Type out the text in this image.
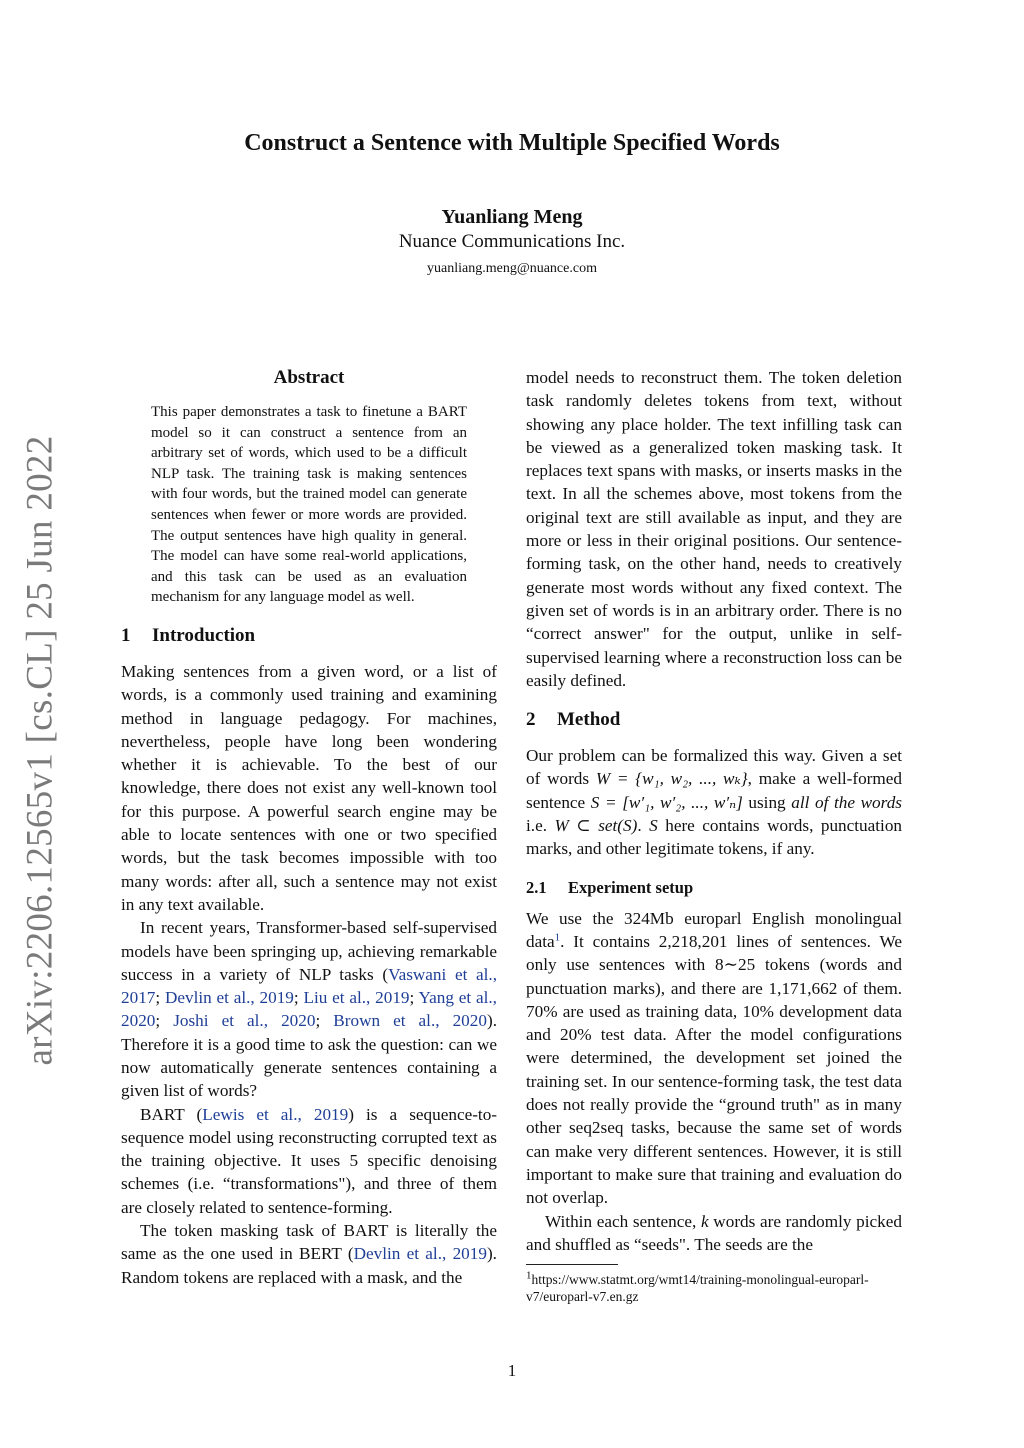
arXiv:2206.12565v1 [cs.CL] 25 Jun 2022
Construct a Sentence with Multiple Specified Words
Yuanliang Meng
Nuance Communications Inc.
yuanliang.meng@nuance.com
Abstract

This paper demonstrates a task to finetune a BART model so it can construct a sentence from an arbitrary set of words, which used to be a difficult NLP task. The training task is making sentences with four words, but the trained model can generate sentences when fewer or more words are provided. The output sentences have high quality in general. The model can have some real-world applications, and this task can be used as an evaluation mechanism for any language model as well.

1 Introduction

Making sentences from a given word, or a list of words, is a commonly used training and examining method in language pedagogy. For machines, nevertheless, people have long been wondering whether it is achievable. To the best of our knowledge, there does not exist any well-known tool for this purpose. A powerful search engine may be able to locate sentences with one or two specified words, but the task becomes impossible with too many words: after all, such a sentence may not exist in any text available.

In recent years, Transformer-based self-supervised models have been springing up, achieving remarkable success in a variety of NLP tasks (Vaswani et al., 2017; Devlin et al., 2019; Liu et al., 2019; Yang et al., 2020; Joshi et al., 2020; Brown et al., 2020). Therefore it is a good time to ask the question: can we now automatically generate sentences containing a given list of words?

BART (Lewis et al., 2019) is a sequence-to-sequence model using reconstructing corrupted text as the training objective. It uses 5 specific denoising schemes (i.e. “transformations"), and three of them are closely related to sentence-forming.

The token masking task of BART is literally the same as the one used in BERT (Devlin et al., 2019). Random tokens are replaced with a mask, and the

model needs to reconstruct them. The token deletion task randomly deletes tokens from text, without showing any place holder. The text infilling task can be viewed as a generalized token masking task. It replaces text spans with masks, or inserts masks in the text. In all the schemes above, most tokens from the original text are still available as input, and they are more or less in their original positions. Our sentence-forming task, on the other hand, needs to creatively generate most words without any fixed context. The given set of words is in an arbitrary order. There is no “correct answer" for the output, unlike in self-supervised learning where a reconstruction loss can be easily defined.

2 Method

Our problem can be formalized this way. Given a set of words W = {w₁, w₂, ..., wₖ}, make a well-formed sentence S = [w′₁, w′₂, ..., w′ₙ] using all of the words i.e. W ⊂ set(S). S here contains words, punctuation marks, and other legitimate tokens, if any.

2.1 Experiment setup

We use the 324Mb europarl English monolingual data$^1$. It contains 2,218,201 lines of sentences. We only use sentences with 8∼25 tokens (words and punctuation marks), and there are 1,171,662 of them. 70% are used as training data, 10% development data and 20% test data. After the model configurations were determined, the development set joined the training set. In our sentence-forming task, the test data does not really provide the “ground truth" as in many other seq2seq tasks, because the same set of words can make very different sentences. However, it is still important to make sure that training and evaluation do not overlap.

Within each sentence, k words are randomly picked and shuffled as “seeds". The seeds are the

$^1$https://www.statmt.org/wmt14/training-monolingual-europarl-v7/europarl-v7.en.gz

1
